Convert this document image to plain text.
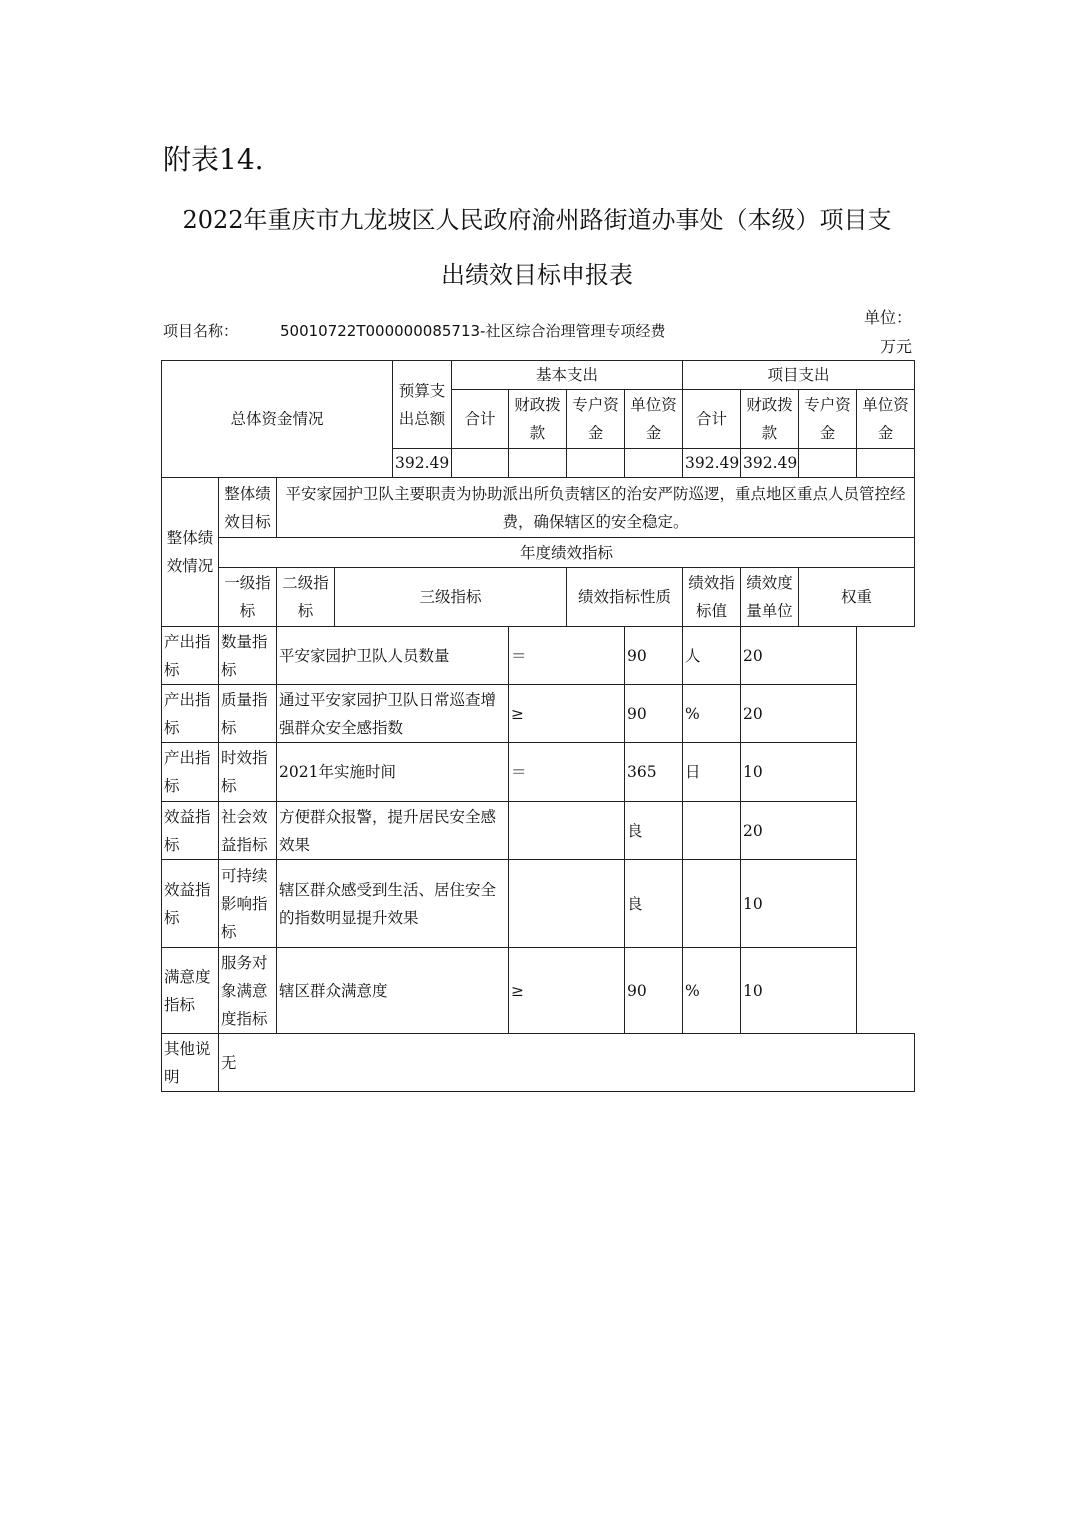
附表14.
2022年重庆市九龙坡区人民政府渝州路街道办事处（本级）项目支
出绩效目标申报表
项目名称：	50010722T000000085713-社区综合治理管理专项经费
单位：
万元
总体资金情况				预算支出总额	基本支出				项目支出			
					合计	财政拨款	专户资金	单位资金	合计	财政拨款	专户资金	单位资金
				392.49					392.49	392.49		
整体绩效情况	整体绩效目标	平安家园护卫队主要职责为协助派出所负责辖区的治安严防巡逻，重点地区重点人员管控经费，确保辖区的安全稳定。										
	年度绩效指标											
	一级指标	二级指标	三级指标				绩效指标性质		绩效指标值	绩效度量单位	权重	
产出指标	数量指标	平安家园护卫队人员数量				＝		90	人	20		
产出指标	质量指标	通过平安家园护卫队日常巡查增强群众安全感指数				≥		90	%	20		
产出指标	时效指标	2021年实施时间				＝		365	日	10		
效益指标	社会效益指标	方便群众报警，提升居民安全感效果						良		20		
效益指标	可持续影响指标	辖区群众感受到生活、居住安全的指数明显提升效果						良		10		
满意度指标	服务对象满意度指标	辖区群众满意度				≥		90	%	10		
其他说明	无											
